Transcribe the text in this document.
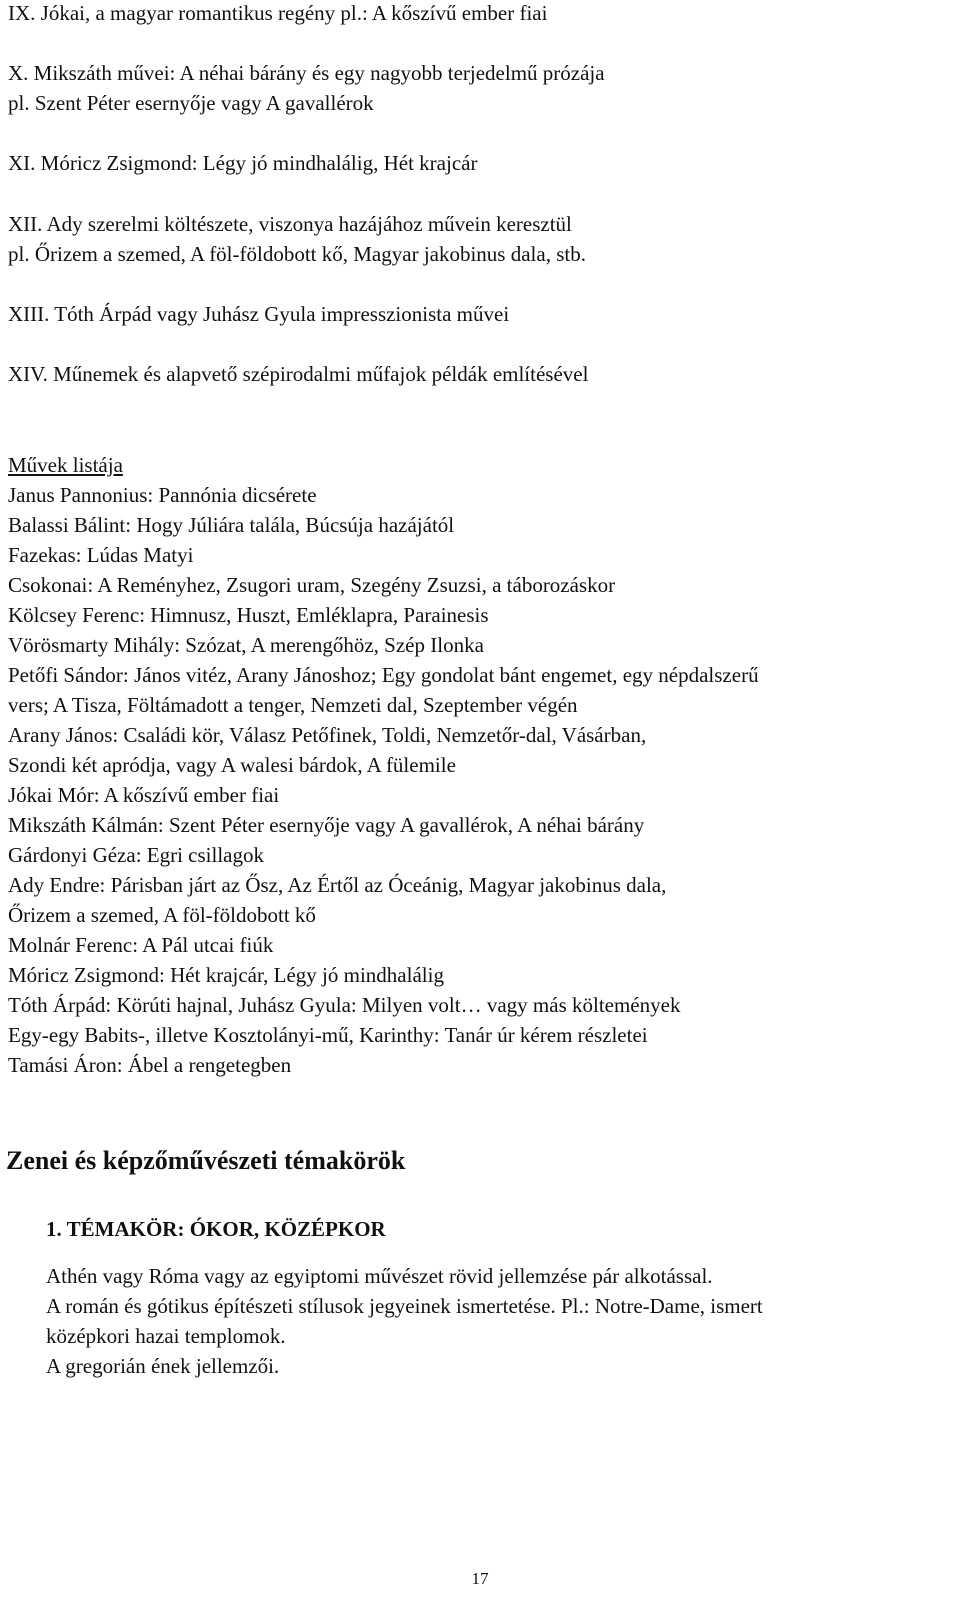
IX. Jókai, a magyar romantikus regény pl.: A kőszívű ember fiai
X. Mikszáth művei: A néhai bárány és egy nagyobb terjedelmű prózája
pl. Szent Péter esernyője vagy A gavallérok
XI. Móricz Zsigmond: Légy jó mindhalálig, Hét krajcár
XII. Ady szerelmi költészete, viszonya hazájához művein keresztül
pl. Őrizem a szemed, A föl-földobott kő, Magyar jakobinus dala, stb.
XIII. Tóth Árpád vagy Juhász Gyula impresszionista művei
XIV. Műnemek és alapvető szépirodalmi műfajok példák említésével
Művek listája
Janus Pannonius: Pannónia dicsérete
Balassi Bálint: Hogy Júliára talála, Búcsúja hazájától
Fazekas: Lúdas Matyi
Csokonai: A Reményhez, Zsugori uram, Szegény Zsuzsi, a táborozáskor
Kölcsey Ferenc: Himnusz, Huszt, Emléklapra, Parainesis
Vörösmarty Mihály: Szózat, A merengőhöz, Szép Ilonka
Petőfi Sándor: János vitéz, Arany Jánoshoz; Egy gondolat bánt engemet, egy népdalszerű
vers; A Tisza, Föltámadott a tenger, Nemzeti dal, Szeptember végén
Arany János: Családi kör, Válasz Petőfinek, Toldi, Nemzetőr-dal, Vásárban,
Szondi két apródja, vagy A walesi bárdok, A fülemile
Jókai Mór: A kőszívű ember fiai
Mikszáth Kálmán: Szent Péter esernyője vagy A gavallérok, A néhai bárány
Gárdonyi Géza: Egri csillagok
Ady Endre: Párisban járt az Ősz, Az Értől az Óceánig, Magyar jakobinus dala,
Őrizem a szemed, A föl-földobott kő
Molnár Ferenc: A Pál utcai fiúk
Móricz Zsigmond: Hét krajcár, Légy jó mindhalálig
Tóth Árpád: Körúti hajnal, Juhász Gyula: Milyen volt… vagy más költemények
Egy-egy Babits-, illetve Kosztolányi-mű, Karinthy: Tanár úr kérem részletei
Tamási Áron: Ábel a rengetegben
Zenei és képzőművészeti témakörök
1. TÉMAKÖR: ÓKOR, KÖZÉPKOR
Athén vagy Róma vagy az egyiptomi művészet rövid jellemzése pár alkotással.
A román és gótikus építészeti stílusok jegyeinek ismertetése. Pl.: Notre-Dame, ismert
középkori hazai templomok.
A gregorián ének jellemzői.
17
